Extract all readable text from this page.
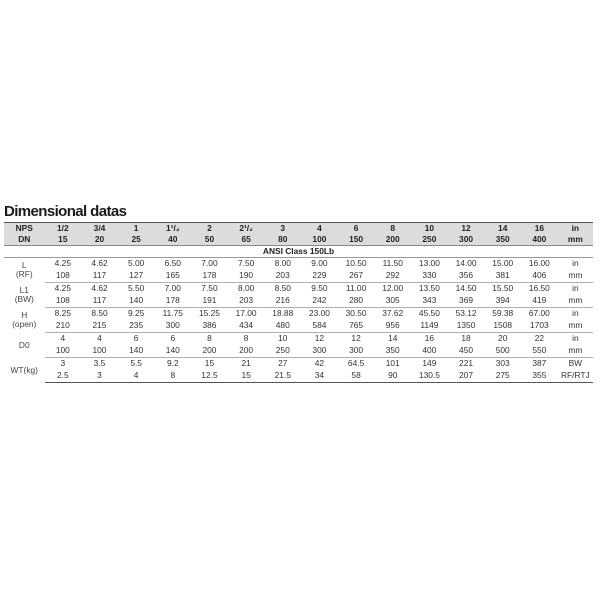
Dimensional datas
NPS	1/2	3/4	1	1¹/₂	2	2¹/₂	3	4	6	8	10	12	14	16	in
DN	15	20	25	40	50	65	80	100	150	200	250	300	350	400	mm
ANSI Class 150Lb															

L
(RF)	4.25	4.62	5.00	6.50	7.00	7.50	8.00	9.00	10.50	11.50	13.00	14.00	15.00	16.00	in
	108	117	127	165	178	190	203	229	267	292	330	356	381	406	mm

L1
(BW)	4.25	4.62	5.50	7.00	7.50	8.00	8.50	9.50	11.00	12.00	13.50	14.50	15.50	16.50	in
	108	117	140	178	191	203	216	242	280	305	343	369	394	419	mm

H
(open)	8.25	8.50	9.25	11.75	15.25	17.00	18.88	23.00	30.50	37.62	45.50	53.12	59.38	67.00	in
	210	215	235	300	386	434	480	584	765	956	1149	1350	1508	1703	mm

D0	4	4	6	6	8	8	10	12	12	14	16	18	20	22	in
	100	100	140	140	200	200	250	300	300	350	400	450	500	550	mm

WT(kg)	3	3.5	5.5	9.2	15	21	27	42	64.5	101	149	221	303	387	BW
	2.5	3	4	8	12.5	15	21.5	34	58	90	130.5	207	275	355	RF/RTJ
